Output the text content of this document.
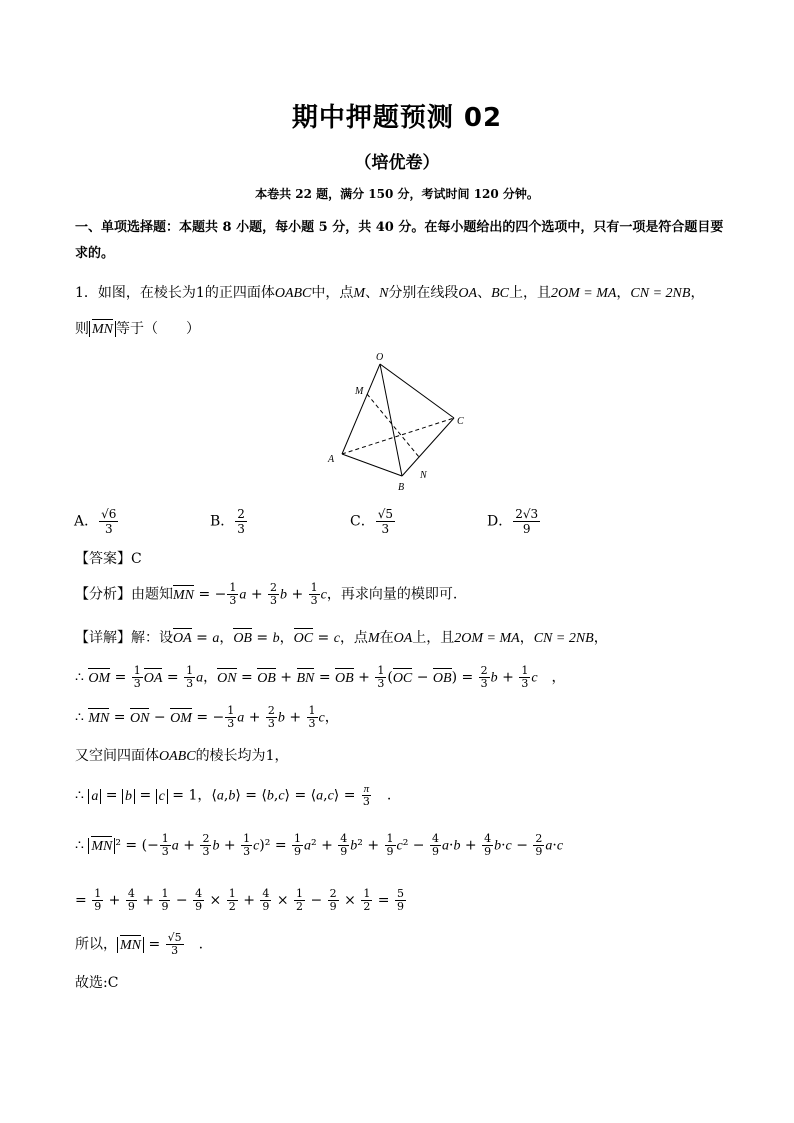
期中押题预测 02
（培优卷）
本卷共 22 题，满分 150 分，考试时间 120 分钟。
一、单项选择题：本题共 8 小题，每小题 5 分，共 40 分。在每小题给出的四个选项中，只有一项是符合题目要求的。
1．如图，在棱长为1的正四面体OABC中，点M、N分别在线段OA、BC上，且2OM = MA，CN = 2NB，
则 MN 等于（　　）
O
M
A
B
N
C
A． $\frac{√6}{3}$	B． $\frac{2}{3}$	C． $\frac{√5}{3}$	D． $\frac{2√3}{9}$
【答案】C
【分析】由题知MN = − $\frac{1}{3}$ $a + \frac{2}{3}$ $b + \frac{1}{3}$ c，再求向量的模即可.
【详解】解：设OA = a，OB = b，OC = c，点M在OA上，且2OM = MA，CN = 2NB，
∴ OM = $\frac{1}{3}$ OA = $\frac{1}{3}$ a，ON = OB + BN = OB + $\frac{1}{3} (OC - OB) = \frac{2}{3}$ $b + \frac{1}{3}$ c　，
∴ MN = ON − OM = − $\frac{1}{3}$ $a + \frac{2}{3}$ $b + \frac{1}{3}$ c，
又空间四面体OABC的棱长均为1，
∴ a = b = c = 1，⟨a,b⟩ = ⟨b,c⟩ = ⟨a,c⟩ = $\frac{\pi}{3}$ 　.
∴ MN ² = (− $\frac{1}{3}$ $a + \frac{2}{3}$ $b + \frac{1}{3} c)^2 = \frac{1}{9} a^2 + \frac{4}{9} b^2 + \frac{1}{9} c^2 - \frac{4}{9} a\cdot b + \frac{4}{9} b\cdot c - \frac{2}{9} a\cdot c$
= $\frac{1}{9} + \frac{4}{9} + \frac{1}{9} - \frac{4}{9} \times \frac{1}{2} + \frac{4}{9} \times \frac{1}{2} - \frac{2}{9} \times \frac{1}{2} = \frac{5}{9}$
所以， MN = $\frac{√5}{3}$ 　.
故选:C
